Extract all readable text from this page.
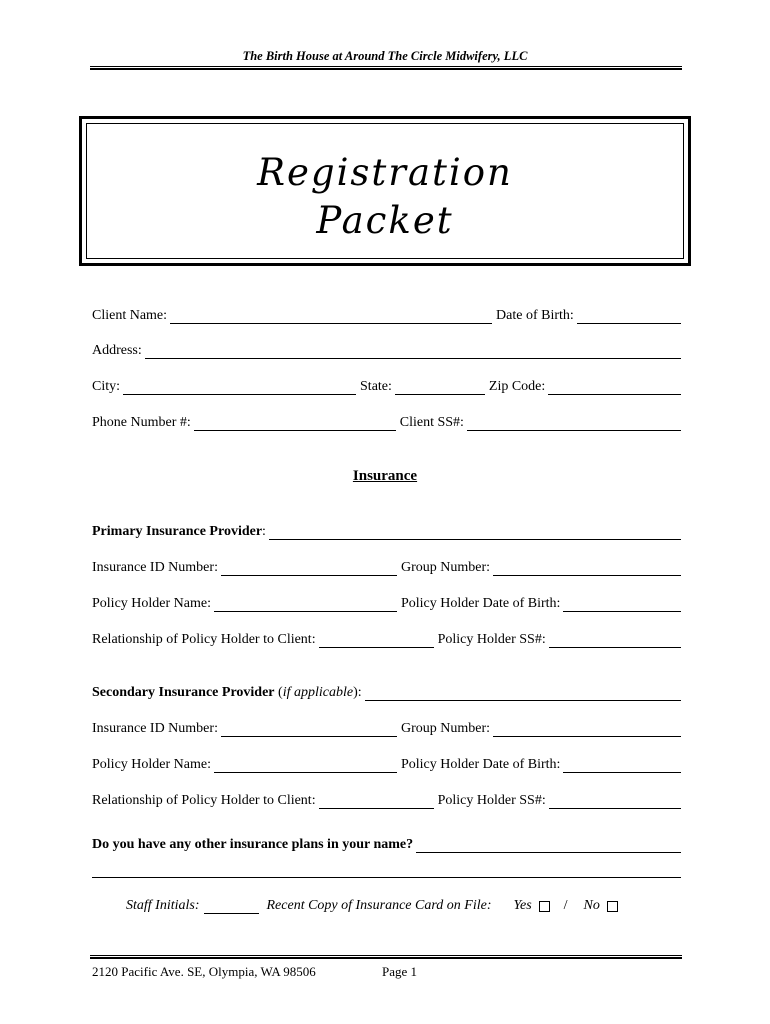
The Birth House at Around The Circle Midwifery, LLC
Registration
Packet
Client Name:	Date of Birth:
Address:
City:	State:	Zip Code:
Phone Number #:	Client SS#:
Insurance
Primary Insurance Provider :
Insurance ID Number:	Group Number:
Policy Holder Name:	Policy Holder Date of Birth:
Relationship of Policy Holder to Client:	Policy Holder SS#:
Secondary Insurance Provider ( if applicable ):
Insurance ID Number:	Group Number:
Policy Holder Name:	Policy Holder Date of Birth:
Relationship of Policy Holder to Client:	Policy Holder SS#:
Do you have any other insurance plans in your name?
Staff Initials:	Recent Copy of Insurance Card on File: Yes / No
2120 Pacific Ave. SE, Olympia, WA 98506	Page 1
